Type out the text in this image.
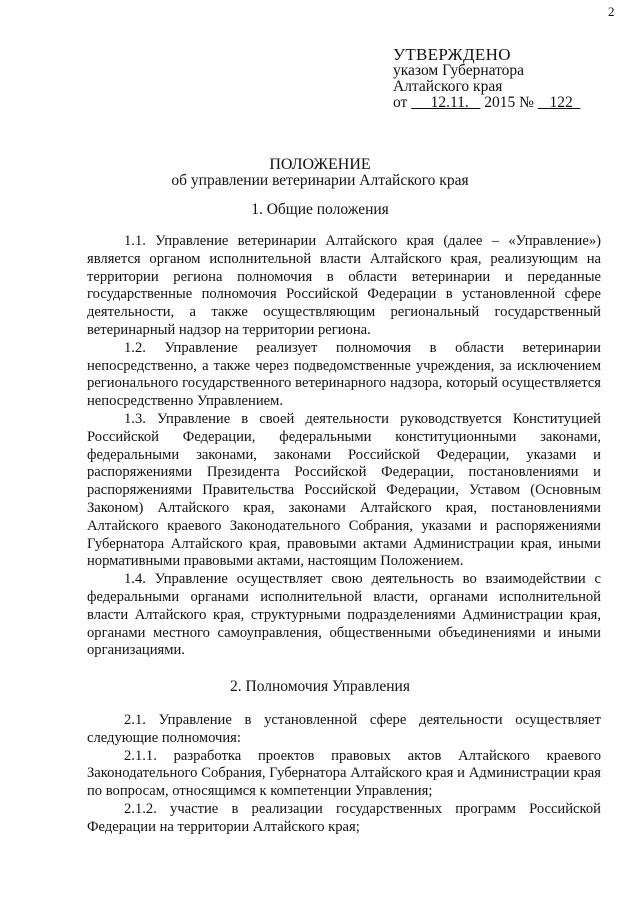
2
УТВЕРЖДЕНО
указом Губернатора
Алтайского края
от 12.11. 2015 № 122
ПОЛОЖЕНИЕ
об управлении ветеринарии Алтайского края
1. Общие положения

1.1. Управление ветеринарии Алтайского края (далее – «Управление») является органом исполнительной власти Алтайского края, реализующим на территории региона полномочия в области ветеринарии и переданные государственные полномочия Российской Федерации в установленной сфере деятельности, а также осуществляющим региональный государственный ветеринарный надзор на территории региона.

1.2. Управление реализует полномочия в области ветеринарии непосредственно, а также через подведомственные учреждения, за исключением регионального государственного ветеринарного надзора, который осуществляется непосредственно Управлением.

1.3. Управление в своей деятельности руководствуется Конституцией Российской Федерации, федеральными конституционными законами, федеральными законами, законами Российской Федерации, указами и распоряжениями Президента Российской Федерации, постановлениями и распоряжениями Правительства Российской Федерации, Уставом (Основным Законом) Алтайского края, законами Алтайского края, постановлениями Алтайского краевого Законодательного Собрания, указами и распоряжениями Губернатора Алтайского края, правовыми актами Администрации края, иными нормативными правовыми актами, настоящим Положением.

1.4. Управление осуществляет свою деятельность во взаимодействии с федеральными органами исполнительной власти, органами исполнительной власти Алтайского края, структурными подразделениями Администрации края, органами местного самоуправления, общественными объединениями и иными организациями.

2. Полномочия Управления

2.1. Управление в установленной сфере деятельности осуществляет следующие полномочия:

2.1.1. разработка проектов правовых актов Алтайского краевого Законодательного Собрания, Губернатора Алтайского края и Администрации края по вопросам, относящимся к компетенции Управления;

2.1.2. участие в реализации государственных программ Российской Федерации на территории Алтайского края;
